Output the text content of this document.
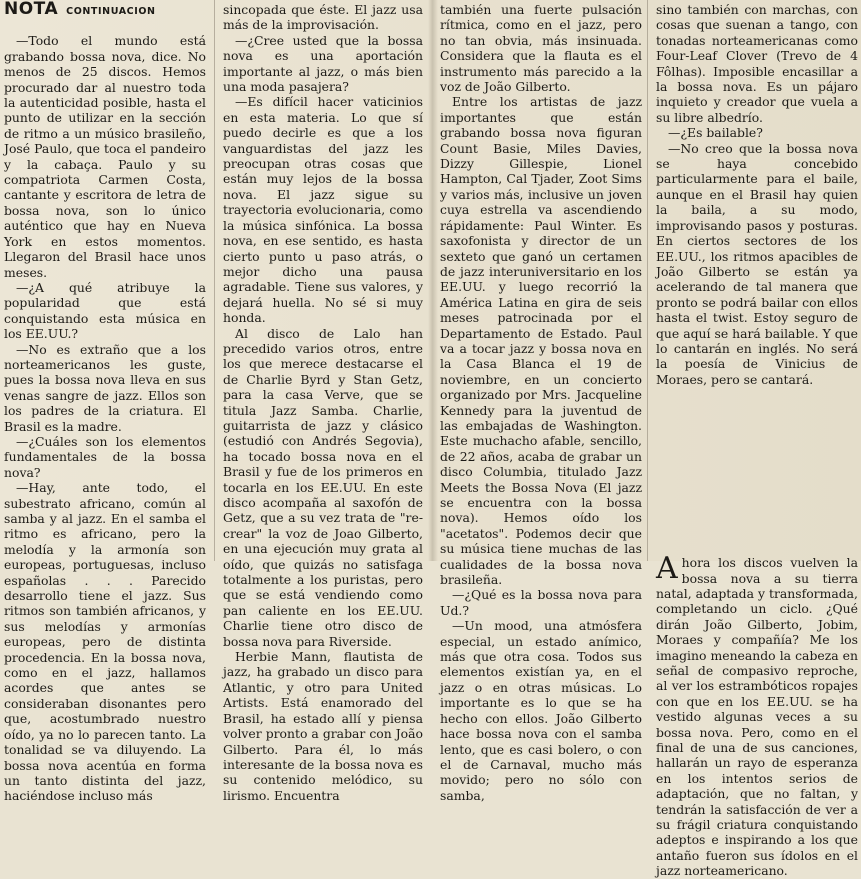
NOTA CONTINUACION

—Todo el mundo está grabando bossa nova, dice. No menos de 25 discos. Hemos procurado dar al nuestro toda la autenticidad posible, hasta el punto de utilizar en la sección de ritmo a un músico brasileño, José Paulo, que toca el pandeiro y la cabaça. Paulo y su compatriota Carmen Costa, cantante y escritora de letra de bossa nova, son lo único auténtico que hay en Nueva York en estos momentos. Llegaron del Brasil hace unos meses.

—¿A qué atribuye la popularidad que está conquistando esta música en los EE.UU.?

—No es extraño que a los norteamericanos les guste, pues la bossa nova lleva en sus venas sangre de jazz. Ellos son los padres de la criatura. El Brasil es la madre.

—¿Cuáles son los elementos fundamentales de la bossa nova?

—Hay, ante todo, el subestrato africano, común al samba y al jazz. En el samba el ritmo es africano, pero la melodía y la armonía son europeas, portuguesas, incluso españolas . . . Parecido desarrollo tiene el jazz. Sus ritmos son también africanos, y sus melodías y armonías europeas, pero de distinta procedencia. En la bossa nova, como en el jazz, hallamos acordes que antes se consideraban disonantes pero que, acostumbrado nuestro oído, ya no lo parecen tanto. La tonalidad se va diluyendo. La bossa nova acentúa en forma un tanto distinta del jazz, haciéndose incluso más

sincopada que éste. El jazz usa más de la improvisación.

—¿Cree usted que la bossa nova es una aportación importante al jazz, o más bien una moda pasajera?

—Es difícil hacer vaticinios en esta materia. Lo que sí puedo decirle es que a los vanguardistas del jazz les preocupan otras cosas que están muy lejos de la bossa nova. El jazz sigue su trayectoria evolucionaria, como la música sinfónica. La bossa nova, en ese sentido, es hasta cierto punto u paso atrás, o mejor dicho una pausa agradable. Tiene sus valores, y dejará huella. No sé si muy honda.

Al disco de Lalo han precedido varios otros, entre los que merece destacarse el de Charlie Byrd y Stan Getz, para la casa Verve, que se titula Jazz Samba. Charlie, guitarrista de jazz y clásico (estudió con Andrés Segovia), ha tocado bossa nova en el Brasil y fue de los primeros en tocarla en los EE.UU. En este disco acompaña al saxofón de Getz, que a su vez trata de "re-crear" la voz de Joao Gilberto, en una ejecución muy grata al oído, que quizás no satisfaga totalmente a los puristas, pero que se está vendiendo como pan caliente en los EE.UU. Charlie tiene otro disco de bossa nova para Riverside.

Herbie Mann, flautista de jazz, ha grabado un disco para Atlantic, y otro para United Artists. Está enamorado del Brasil, ha estado allí y piensa volver pronto a grabar con João Gilberto. Para él, lo más interesante de la bossa nova es su contenido melódico, su lirismo. Encuentra

también una fuerte pulsación rítmica, como en el jazz, pero no tan obvia, más insinuada. Considera que la flauta es el instrumento más parecido a la voz de João Gilberto.

Entre los artistas de jazz importantes que están grabando bossa nova figuran Count Basie, Miles Davies, Dizzy Gillespie, Lionel Hampton, Cal Tjader, Zoot Sims y varios más, inclusive un joven cuya estrella va ascendiendo rápidamente: Paul Winter. Es saxofonista y director de un sexteto que ganó un certamen de jazz interuniversitario en los EE.UU. y luego recorrió la América Latina en gira de seis meses patrocinada por el Departamento de Estado. Paul va a tocar jazz y bossa nova en la Casa Blanca el 19 de noviembre, en un concierto organizado por Mrs. Jacqueline Kennedy para la juventud de las embajadas de Washington. Este muchacho afable, sencillo, de 22 años, acaba de grabar un disco Columbia, titulado Jazz Meets the Bossa Nova (El jazz se encuentra con la bossa nova). Hemos oído los "acetatos". Podemos decir que su música tiene muchas de las cualidades de la bossa nova brasileña.

—¿Qué es la bossa nova para Ud.?

—Un mood, una atmósfera especial, un estado anímico, más que otra cosa. Todos sus elementos existían ya, en el jazz o en otras músicas. Lo importante es lo que se ha hecho con ellos. João Gilberto hace bossa nova con el samba lento, que es casi bolero, o con el de Carnaval, mucho más movido; pero no sólo con samba,

sino también con marchas, con cosas que suenan a tango, con tonadas norteamericanas como Four-Leaf Clover (Trevo de 4 Fôlhas). Imposible encasillar a la bossa nova. Es un pájaro inquieto y creador que vuela a su libre albedrío.

—¿Es bailable?

—No creo que la bossa nova se haya concebido particularmente para el baile, aunque en el Brasil hay quien la baila, a su modo, improvisando pasos y posturas. En ciertos sectores de los EE.UU., los ritmos apacibles de João Gilberto se están ya acelerando de tal manera que pronto se podrá bailar con ellos hasta el twist. Estoy seguro de que aquí se hará bailable. Y que lo cantarán en inglés. No será la poesía de Vinicius de Moraes, pero se cantará.

Ahora los discos vuelven la bossa nova a su tierra natal, adaptada y transformada, completando un ciclo. ¿Qué dirán João Gilberto, Jobim, Moraes y compañía? Me los imagino meneando la cabeza en señal de compasivo reproche, al ver los estrambóticos ropajes con que en los EE.UU. se ha vestido algunas veces a su bossa nova. Pero, como en el final de una de sus canciones, hallarán un rayo de esperanza en los intentos serios de adaptación, que no faltan, y tendrán la satisfacción de ver a su frágil criatura conquistando adeptos e inspirando a los que antaño fueron sus ídolos en el jazz norteamericano.
